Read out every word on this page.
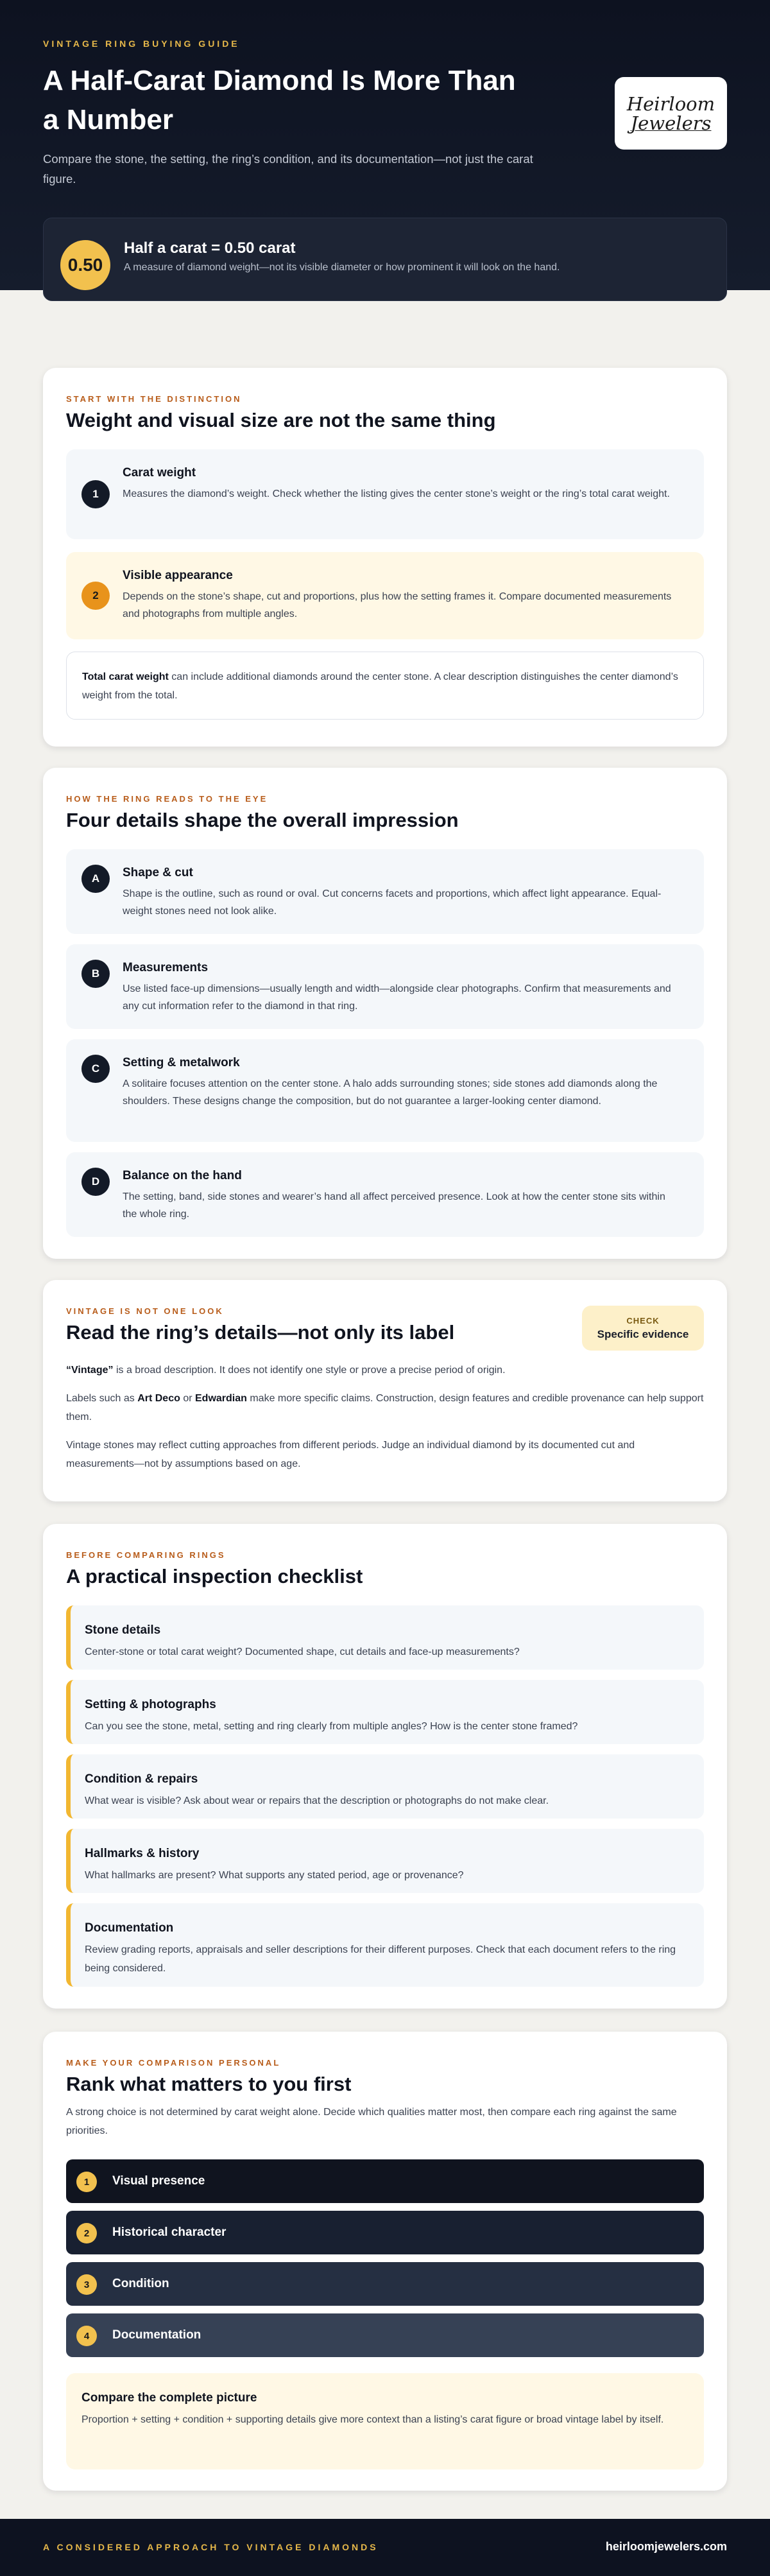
VINTAGE RING BUYING GUIDE
A Half-Carat Diamond Is More Than a Number

Compare the stone, the setting, the ring’s condition, and its documentation—not just the carat figure.

Heirloom
Jewelers
0.50
Half a carat = 0.50 carat
A measure of diamond weight—not its visible diameter or how prominent it will look on the hand.
START WITH THE DISTINCTION
Weight and visual size are not the same thing
1
Carat weight
Measures the diamond’s weight. Check whether the listing gives the center stone’s weight or the ring’s total carat weight.
2
Visible appearance
Depends on the stone’s shape, cut and proportions, plus how the setting frames it. Compare documented measurements and photographs from multiple angles.

Total carat weight can include additional diamonds around the center stone. A clear description distinguishes the center diamond’s weight from the total.

HOW THE RING READS TO THE EYE
Four details shape the overall impression
A	Shape & cut
Shape is the outline, such as round or oval. Cut concerns facets and proportions, which affect light appearance. Equal-weight stones need not look alike.
B	Measurements
Use listed face-up dimensions—usually length and width—alongside clear photographs. Confirm that measurements and any cut information refer to the diamond in that ring.
C	Setting & metalwork
A solitaire focuses attention on the center stone. A halo adds surrounding stones; side stones add diamonds along the shoulders. These designs change the composition, but do not guarantee a larger-looking center diamond.
D	Balance on the hand
The setting, band, side stones and wearer’s hand all affect perceived presence. Look at how the center stone sits within the whole ring.
VINTAGE IS NOT ONE LOOK
Read the ring’s details—not only its label
CHECK
Specific evidence

“Vintage” is a broad description. It does not identify one style or prove a precise period of origin.

Labels such as Art Deco or Edwardian make more specific claims. Construction, design features and credible provenance can help support them.

Vintage stones may reflect cutting approaches from different periods. Judge an individual diamond by its documented cut and measurements—not by assumptions based on age.

BEFORE COMPARING RINGS
A practical inspection checklist
Stone details
Center-stone or total carat weight? Documented shape, cut details and face-up measurements?
Setting & photographs
Can you see the stone, metal, setting and ring clearly from multiple angles? How is the center stone framed?
Condition & repairs
What wear is visible? Ask about wear or repairs that the description or photographs do not make clear.
Hallmarks & history
What hallmarks are present? What supports any stated period, age or provenance?
Documentation
Review grading reports, appraisals and seller descriptions for their different purposes. Check that each document refers to the ring being considered.
MAKE YOUR COMPARISON PERSONAL
Rank what matters to you first

A strong choice is not determined by carat weight alone. Decide which qualities matter most, then compare each ring against the same priorities.

1	Visual presence
2	Historical character
3	Condition
4	Documentation
Compare the complete picture
Proportion + setting + condition + supporting details give more context than a listing’s carat figure or broad vintage label by itself.
A CONSIDERED APPROACH TO VINTAGE DIAMONDS	heirloomjewelers.com
